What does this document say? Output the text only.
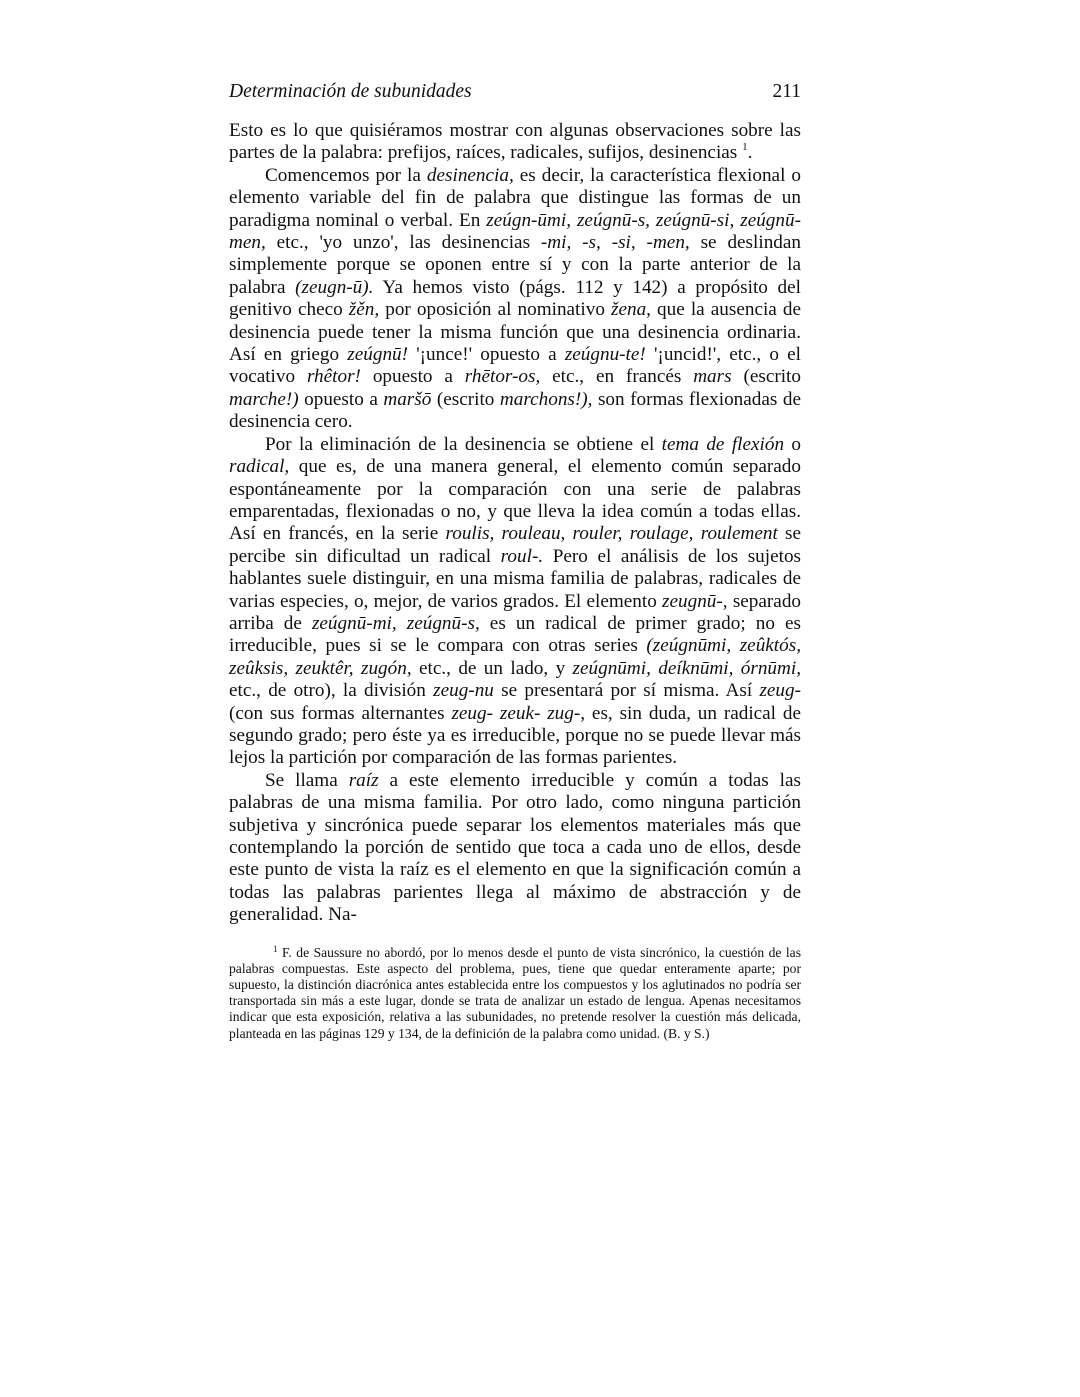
Determinación de subunidades	211

Esto es lo que quisiéramos mostrar con algunas observaciones sobre las partes de la palabra: prefijos, raíces, radicales, sufijos, desinencias $^1$.

Comencemos por la desinencia, es decir, la característica flexional o elemento variable del fin de palabra que distingue las formas de un paradigma nominal o verbal. En zeúgn-ūmi, zeúgnū-s, zeúgnū-si, zeúgnū-men, etc., 'yo unzo', las desinencias -mi, -s, -si, -men, se deslindan simplemente porque se oponen entre sí y con la parte anterior de la palabra (zeugn-ū). Ya hemos visto (págs. 112 y 142) a propósito del genitivo checo žěn, por oposición al nominativo žena, que la ausencia de desinencia puede tener la misma función que una desinencia ordinaria. Así en griego zeúgnū! '¡unce!' opuesto a zeúgnu-te! '¡uncid!', etc., o el vocativo rhêtor! opuesto a rhētor-os, etc., en francés mars (escrito marche!) opuesto a maršō (escrito marchons!), son formas flexionadas de desinencia cero.

Por la eliminación de la desinencia se obtiene el tema de flexión o radical, que es, de una manera general, el elemento común separado espontáneamente por la comparación con una serie de palabras emparentadas, flexionadas o no, y que lleva la idea común a todas ellas. Así en francés, en la serie roulis, rouleau, rouler, roulage, roulement se percibe sin dificultad un radical roul-. Pero el análisis de los sujetos hablantes suele distinguir, en una misma familia de palabras, radicales de varias especies, o, mejor, de varios grados. El elemento zeugnū-, separado arriba de zeúgnū-mi, zeúgnū-s, es un radical de primer grado; no es irreducible, pues si se le compara con otras series (zeúgnūmi, zeûktós, zeûksis, zeuktêr, zugón, etc., de un lado, y zeúgnūmi, deíknūmi, órnūmi, etc., de otro), la división zeug-nu se presentará por sí misma. Así zeug- (con sus formas alternantes zeug- zeuk- zug-, es, sin duda, un radical de segundo grado; pero éste ya es irreducible, porque no se puede llevar más lejos la partición por comparación de las formas parientes.

Se llama raíz a este elemento irreducible y común a todas las palabras de una misma familia. Por otro lado, como ninguna partición subjetiva y sincrónica puede separar los elementos materiales más que contemplando la porción de sentido que toca a cada uno de ellos, desde este punto de vista la raíz es el elemento en que la significación común a todas las palabras parientes llega al máximo de abstracción y de generalidad. Na-

$^1$ F. de Saussure no abordó, por lo menos desde el punto de vista sincrónico, la cuestión de las palabras compuestas. Este aspecto del problema, pues, tiene que quedar enteramente aparte; por supuesto, la distinción diacrónica antes establecida entre los compuestos y los aglutinados no podría ser transportada sin más a este lugar, donde se trata de analizar un estado de lengua. Apenas necesitamos indicar que esta exposición, relativa a las subunidades, no pretende resolver la cuestión más delicada, planteada en las páginas 129 y 134, de la definición de la palabra como unidad. (B. y S.)
